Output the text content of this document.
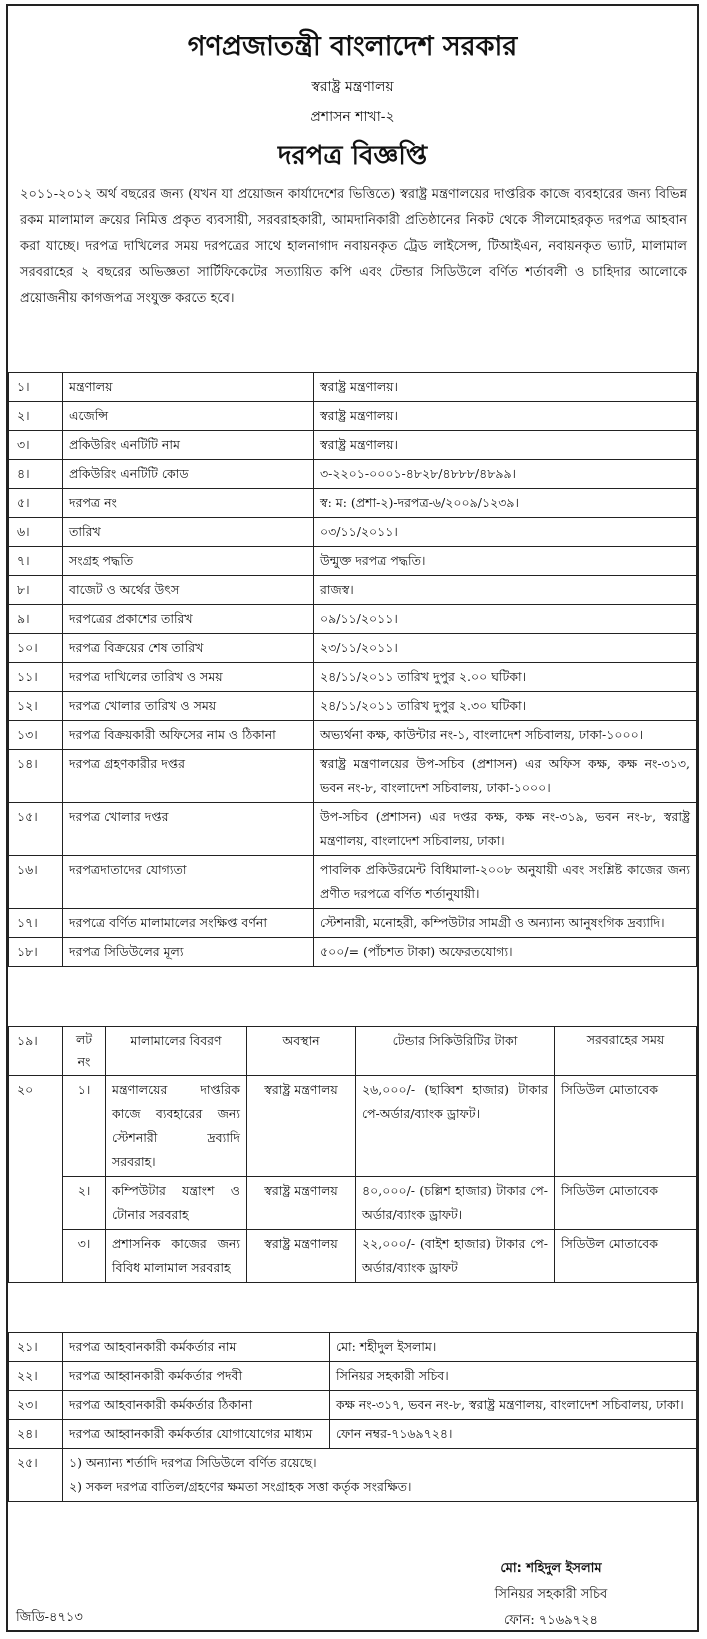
গণপ্রজাতন্ত্রী বাংলাদেশ সরকার
স্বরাষ্ট্র মন্ত্রণালয়
প্রশাসন শাখা-২
দরপত্র বিজ্ঞপ্তি
২০১১-২০১২ অর্থ বছরের জন্য (যখন যা প্রয়োজন কার্যাদেশের ভিত্তিতে) স্বরাষ্ট্র মন্ত্রণালয়ের দাপ্তরিক কাজে ব্যবহারের জন্য বিভিন্ন রকম মালামাল ক্রয়ের নিমিত্ত প্রকৃত ব্যবসায়ী, সরবরাহকারী, আমদানিকারী প্রতিষ্ঠানের নিকট থেকে সীলমোহরকৃত দরপত্র আহবান করা যাচ্ছে। দরপত্র দাখিলের সময় দরপত্রের সাথে হালনাগাদ নবায়নকৃত ট্রেড লাইসেন্স, টিআইএন, নবায়নকৃত ভ্যাট, মালামাল সরবরাহের ২ বছরের অভিজ্ঞতা সার্টিফিকেটের সত্যায়িত কপি এবং টেন্ডার সিডিউলে বর্ণিত শর্তাবলী ও চাহিদার আলোকে প্রয়োজনীয় কাগজপত্র সংযুক্ত করতে হবে।
১।	মন্ত্রণালয়	স্বরাষ্ট্র মন্ত্রণালয়।
২।	এজেন্সি	স্বরাষ্ট্র মন্ত্রণালয়।
৩।	প্রকিউরিং এনটিটি নাম	স্বরাষ্ট্র মন্ত্রণালয়।
৪।	প্রকিউরিং এনটিটি কোড	৩-২২০১-০০০১-৪৮২৮/৪৮৮৮/৪৮৯৯।
৫।	দরপত্র নং	স্ব: ম: (প্রশা-২)-দরপত্র-৬/২০০৯/১২৩৯।
৬।	তারিখ	০৩/১১/২০১১।
৭।	সংগ্রহ পদ্ধতি	উন্মুক্ত দরপত্র পদ্ধতি।
৮।	বাজেট ও অর্থের উৎস	রাজস্ব।
৯।	দরপত্রের প্রকাশের তারিখ	০৯/১১/২০১১।
১০।	দরপত্র বিক্রয়ের শেষ তারিখ	২৩/১১/২০১১।
১১।	দরপত্র দাখিলের তারিখ ও সময়	২৪/১১/২০১১ তারিখ দুপুর ২.০০ ঘটিকা।
১২।	দরপত্র খোলার তারিখ ও সময়	২৪/১১/২০১১ তারিখ দুপুর ২.৩০ ঘটিকা।
১৩।	দরপত্র বিক্রয়কারী অফিসের নাম ও ঠিকানা	অভ্যর্থনা কক্ষ, কাউন্টার নং-১, বাংলাদেশ সচিবালয়, ঢাকা-১০০০।
১৪।	দরপত্র গ্রহণকারীর দপ্তর	স্বরাষ্ট্র মন্ত্রণালয়ের উপ-সচিব (প্রশাসন) এর অফিস কক্ষ, কক্ষ নং-৩১৩, ভবন নং-৮, বাংলাদেশ সচিবালয়, ঢাকা-১০০০।
১৫।	দরপত্র খোলার দপ্তর	উপ-সচিব (প্রশাসন) এর দপ্তর কক্ষ, কক্ষ নং-৩১৯, ভবন নং-৮, স্বরাষ্ট্র মন্ত্রণালয়, বাংলাদেশ সচিবালয়, ঢাকা।
১৬।	দরপত্রদাতাদের যোগ্যতা	পাবলিক প্রকিউরমেন্ট বিধিমালা-২০০৮ অনুযায়ী এবং সংশ্লিষ্ট কাজের জন্য প্রণীত দরপত্রে বর্ণিত শর্তানুযায়ী।
১৭।	দরপত্রে বর্ণিত মালামালের সংক্ষিপ্ত বর্ণনা	স্টেশনারী, মনোহরী, কম্পিউটার সামগ্রী ও অন্যান্য আনুষংগিক দ্রব্যাদি।
১৮।	দরপত্র সিডিউলের মূল্য	৫০০/= (পাঁচশত টাকা) অফেরতযোগ্য।
১৯।	লট নং	মালামালের বিবরণ	অবস্থান	টেন্ডার সিকিউরিটির টাকা	সরবরাহের সময়
২০	১।	মন্ত্রণালয়ের দাপ্তরিক কাজে ব্যবহারের জন্য স্টেশনারী দ্রব্যাদি সরবরাহ।	স্বরাষ্ট্র মন্ত্রণালয়	২৬,০০০/- (ছাব্বিশ হাজার) টাকার পে-অর্ডার/ব্যাংক ড্রাফট।	সিডিউল মোতাবেক
	২।	কম্পিউটার যন্ত্রাংশ ও টোনার সরবরাহ	স্বরাষ্ট্র মন্ত্রণালয়	৪০,০০০/- (চল্লিশ হাজার) টাকার পে-অর্ডার/ব্যাংক ড্রাফট।	সিডিউল মোতাবেক
	৩।	প্রশাসনিক কাজের জন্য বিবিধ মালামাল সরবরাহ	স্বরাষ্ট্র মন্ত্রণালয়	২২,০০০/- (বাইশ হাজার) টাকার পে-অর্ডার/ব্যাংক ড্রাফট	সিডিউল মোতাবেক
২১।	দরপত্র আহবানকারী কর্মকর্তার নাম	মো: শহীদুল ইসলাম।
২২।	দরপত্র আহ্বানকারী কর্মকর্তার পদবী	সিনিয়র সহকারী সচিব।
২৩।	দরপত্র আহবানকারী কর্মকর্তার ঠিকানা	কক্ষ নং-৩১৭, ভবন নং-৮, স্বরাষ্ট্র মন্ত্রণালয়, বাংলাদেশ সচিবালয়, ঢাকা।
২৪।	দরপত্র আহ্বানকারী কর্মকর্তার যোগাযোগের মাধ্যম	ফোন নম্বর-৭১৬৯৭২৪।
২৫।	১) অন্যান্য শর্তাদি দরপত্র সিডিউলে বর্ণিত রয়েছে।
২) সকল দরপত্র বাতিল/গ্রহণের ক্ষমতা সংগ্রাহক সত্তা কর্তৃক সংরক্ষিত।	
মো: শহিদুল ইসলাম
সিনিয়র সহকারী সচিব
ফোন: ৭১৬৯৭২৪
জিডি-৪৭১৩
